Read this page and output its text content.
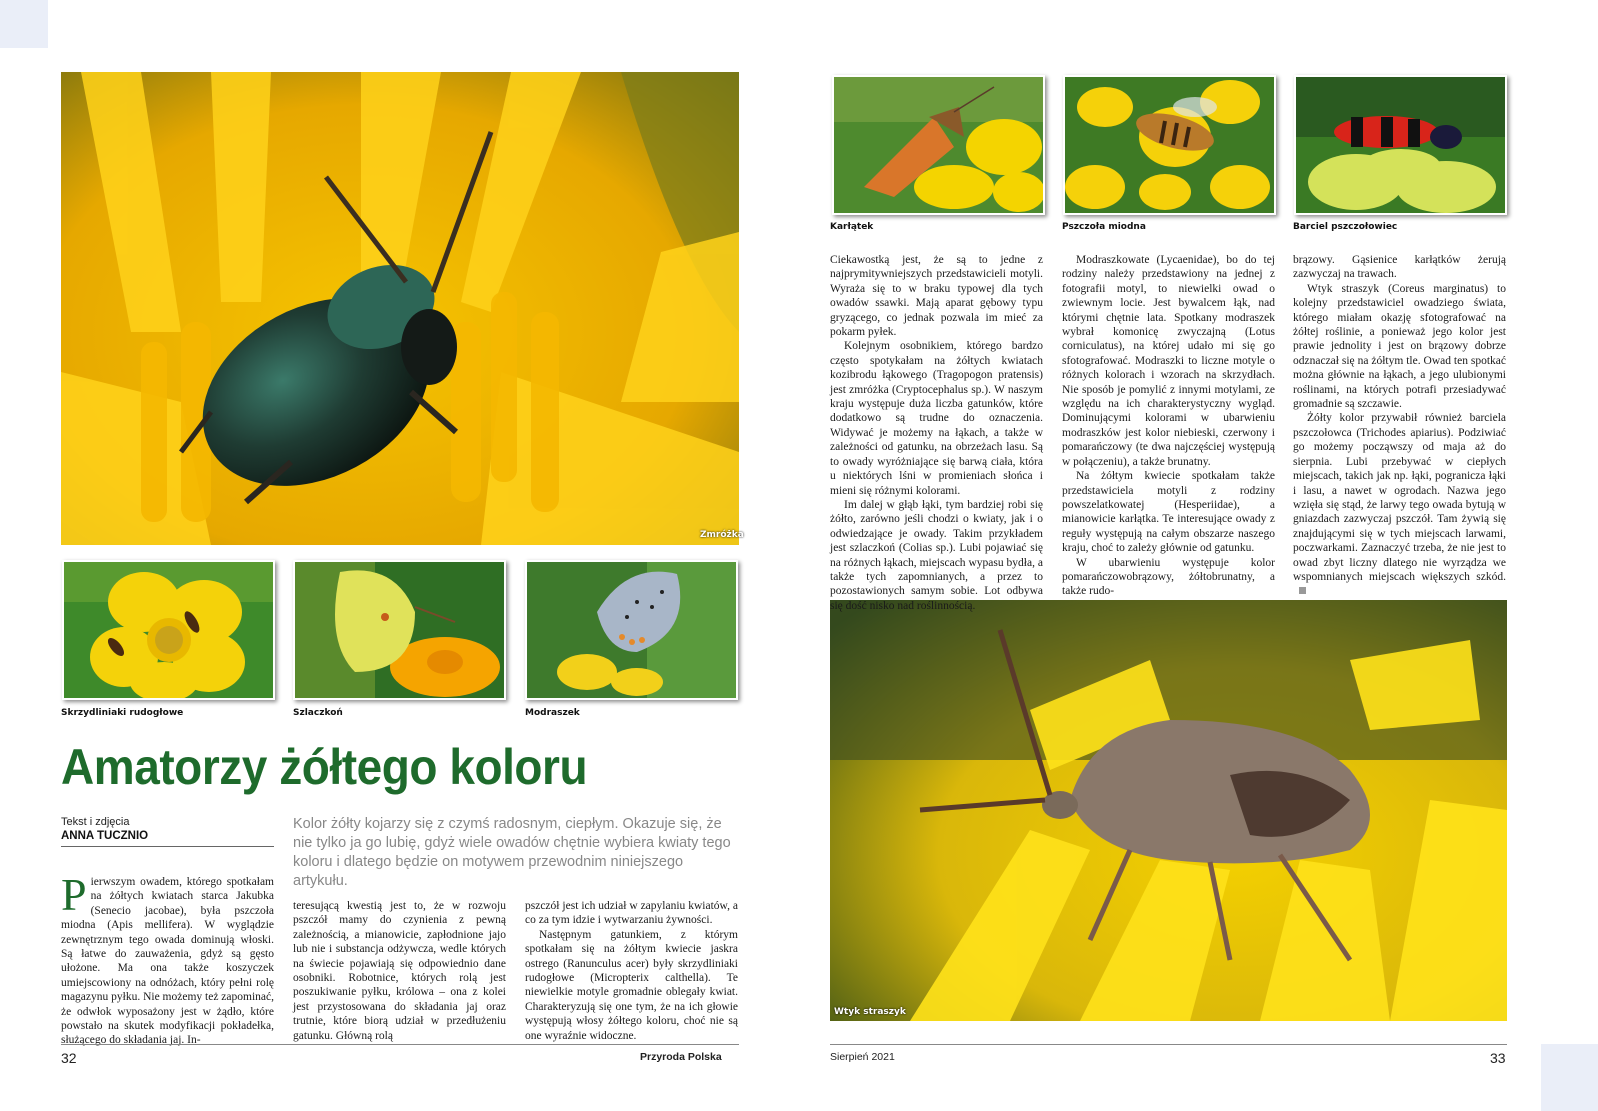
Zmróżka
Skrzydliniaki rudogłowe	Szlaczkoń	Modraszek
Karłątek	Pszczoła miodna	Barciel pszczołowiec
Wtyk straszyk
Amatorzy żółtego koloru
Tekst i zdjęcia
ANNA TUCZNIO
Kolor żółty kojarzy się z czymś radosnym, ciepłym. Okazuje się, że nie tylko ja go lubię, gdyż wiele owadów chętnie wybiera kwiaty tego koloru i dlatego będzie on motywem przewodnim niniejszego artykułu.

Pierwszym owadem, którego spotkałam na żółtych kwiatach starca Jakubka (Senecio jacobae), była pszczoła miodna (Apis mellifera). W wyglądzie zewnętrznym tego owada dominują włoski. Są łatwe do zauważenia, gdyż są gęsto ułożone. Ma ona także koszyczek umiejscowiony na odnóżach, który pełni rolę magazynu pyłku. Nie możemy też zapominać, że odwłok wyposażony jest w żądło, które powstało na skutek modyfikacji pokładełka, służącego do składania jaj. In-

teresującą kwestią jest to, że w rozwoju pszczół mamy do czynienia z pewną zależnością, a mianowicie, zapłodnione jajo lub nie i substancja odżywcza, wedle których na świecie pojawiają się odpowiednio dane osobniki. Robotnice, których rolą jest poszukiwanie pyłku, królowa – ona z kolei jest przystosowana do składania jaj oraz trutnie, które biorą udział w przedłużeniu gatunku. Główną rolą

pszczół jest ich udział w zapylaniu kwiatów, a co za tym idzie i wytwarzaniu żywności.

Następnym gatunkiem, z którym spotkałam się na żółtym kwiecie jaskra ostrego (Ranunculus acer) były skrzydliniaki rudogłowe (Micropterix calthella). Te niewielkie motyle gromadnie oblegały kwiat. Charakteryzują się one tym, że na ich głowie występują włosy żółtego koloru, choć nie są one wyraźnie widoczne.

Ciekawostką jest, że są to jedne z najprymitywniejszych przedstawicieli motyli. Wyraża się to w braku typowej dla tych owadów ssawki. Mają aparat gębowy typu gryzącego, co jednak pozwala im mieć za pokarm pyłek.

Kolejnym osobnikiem, którego bardzo często spotykałam na żółtych kwiatach kozibrodu łąkowego (Tragopogon pratensis) jest zmróżka (Cryptocephalus sp.). W naszym kraju występuje duża liczba gatunków, które dodatkowo są trudne do oznaczenia. Widywać je możemy na łąkach, a także w zależności od gatunku, na obrzeżach lasu. Są to owady wyróżniające się barwą ciała, która u niektórych lśni w promieniach słońca i mieni się różnymi kolorami.

Im dalej w głąb łąki, tym bardziej robi się żółto, zarówno jeśli chodzi o kwiaty, jak i o odwiedzające je owady. Takim przykładem jest szlaczkoń (Colias sp.). Lubi pojawiać się na różnych łąkach, miejscach wypasu bydła, a także tych zapomnianych, a przez to pozostawionych samym sobie. Lot odbywa się dość nisko nad roślinnością.

Modraszkowate (Lycaenidae), bo do tej rodziny należy przedstawiony na jednej z fotografii motyl, to niewielki owad o zwiewnym locie. Jest bywalcem łąk, nad którymi chętnie lata. Spotkany modraszek wybrał komonicę zwyczajną (Lotus corniculatus), na której udało mi się go sfotografować. Modraszki to liczne motyle o różnych kolorach i wzorach na skrzydłach. Nie sposób je pomylić z innymi motylami, ze względu na ich charakterystyczny wygląd. Dominującymi kolorami w ubarwieniu modraszków jest kolor niebieski, czerwony i pomarańczowy (te dwa najczęściej występują w połączeniu), a także brunatny.

Na żółtym kwiecie spotkałam także przedstawiciela motyli z rodziny powszelatkowatej (Hesperiidae), a mianowicie karłątka. Te interesujące owady z reguły występują na całym obszarze naszego kraju, choć to zależy głównie od gatunku.

W ubarwieniu występuje kolor pomarańczowobrązowy, żółtobrunatny, a także rudo-

brązowy. Gąsienice karłątków żerują zazwyczaj na trawach.

Wtyk straszyk (Coreus marginatus) to kolejny przedstawiciel owadziego świata, którego miałam okazję sfotografować na żółtej roślinie, a ponieważ jego kolor jest prawie jednolity i jest on brązowy dobrze odznaczał się na żółtym tle. Owad ten spotkać można głównie na łąkach, a jego ulubionymi roślinami, na których potrafi przesiadywać gromadnie są szczawie.

Żółty kolor przywabił również barciela pszczołowca (Trichodes apiarius). Podziwiać go możemy począwszy od maja aż do sierpnia. Lubi przebywać w ciepłych miejscach, takich jak np. łąki, pogranicza łąki i lasu, a nawet w ogrodach. Nazwa jego wzięła się stąd, że larwy tego owada bytują w gniazdach zazwyczaj pszczół. Tam żywią się znajdującymi się w tych miejscach larwami, poczwarkami. Zaznaczyć trzeba, że nie jest to owad zbyt liczny dlatego nie wyrządza we wspomnianych miejscach większych szkód.

32	Przyroda Polska	Sierpień 2021	33
